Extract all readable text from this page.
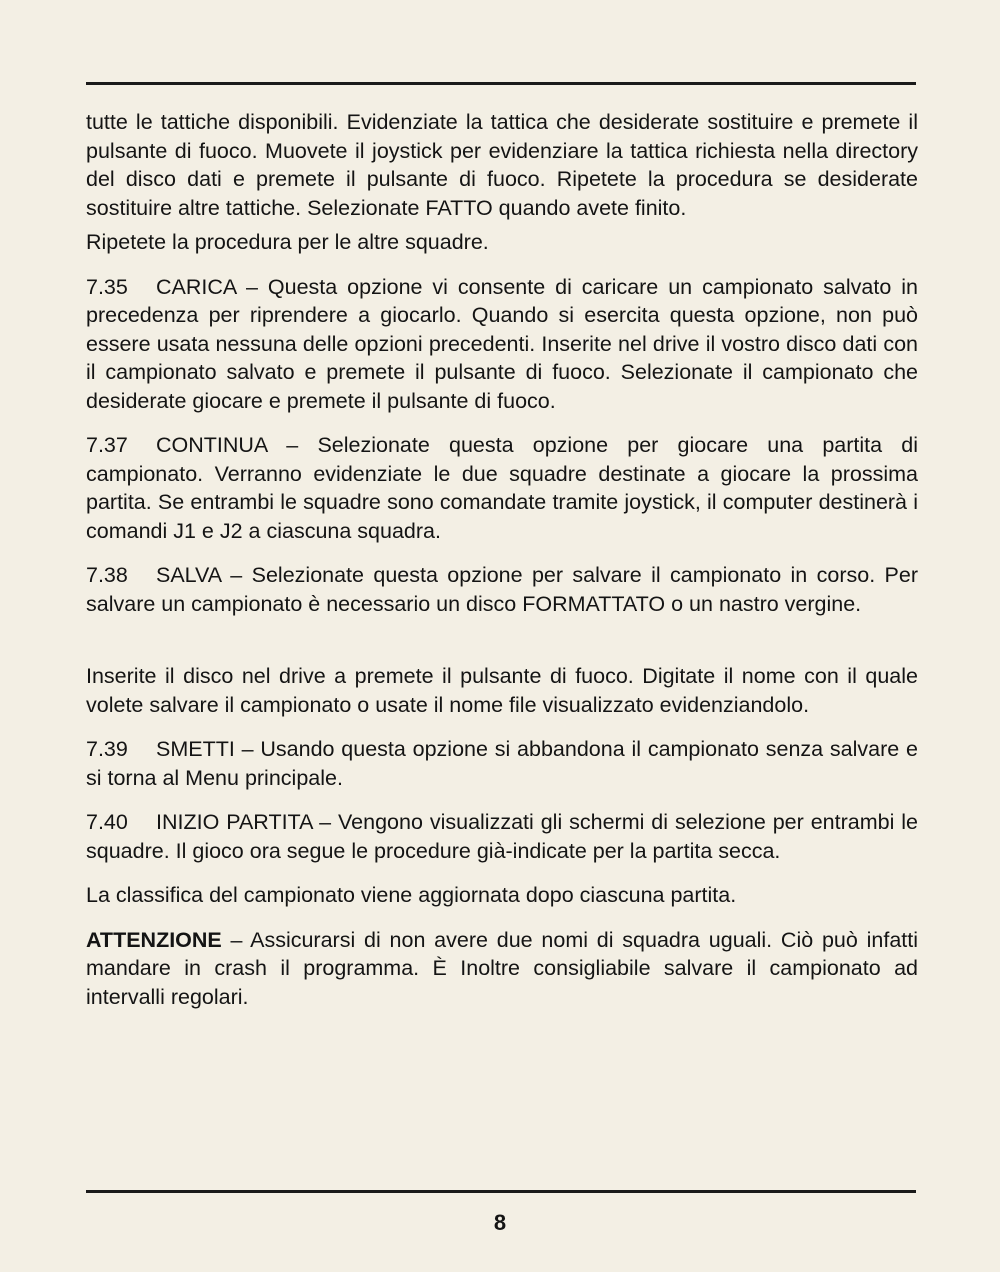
tutte le tattiche disponibili. Evidenziate la tattica che desiderate sostituire e premete il pulsante di fuoco. Muovete il joystick per evidenziare la tattica richiesta nella directory del disco dati e premete il pulsante di fuoco. Ripetete la procedura se desiderate sostituire altre tattiche. Selezionate FATTO quando avete finito.

Ripetete la procedura per le altre squadre.

7.35 CARICA – Questa opzione vi consente di caricare un campionato salvato in precedenza per riprendere a giocarlo. Quando si esercita questa opzione, non può essere usata nessuna delle opzioni precedenti. Inserite nel drive il vostro disco dati con il campionato salvato e premete il pulsante di fuoco. Selezionate il campionato che desiderate giocare e premete il pulsante di fuoco.

7.37 CONTINUA – Selezionate questa opzione per giocare una partita di campionato. Verranno evidenziate le due squadre destinate a giocare la prossima partita. Se entrambi le squadre sono comandate tramite joystick, il computer destinerà i comandi J1 e J2 a ciascuna squadra.

7.38 SALVA – Selezionate questa opzione per salvare il campionato in corso. Per salvare un campionato è necessario un disco FORMATTATO o un nastro vergine.

Inserite il disco nel drive a premete il pulsante di fuoco. Digitate il nome con il quale volete salvare il campionato o usate il nome file visualizzato evidenziandolo.

7.39 SMETTI – Usando questa opzione si abbandona il campionato senza salvare e si torna al Menu principale.

7.40 INIZIO PARTITA – Vengono visualizzati gli schermi di selezione per entrambi le squadre. Il gioco ora segue le procedure già-indicate per la partita secca.

La classifica del campionato viene aggiornata dopo ciascuna partita.

ATTENZIONE – Assicurarsi di non avere due nomi di squadra uguali. Ciò può infatti mandare in crash il programma. È Inoltre consigliabile salvare il campionato ad intervalli regolari.

8
